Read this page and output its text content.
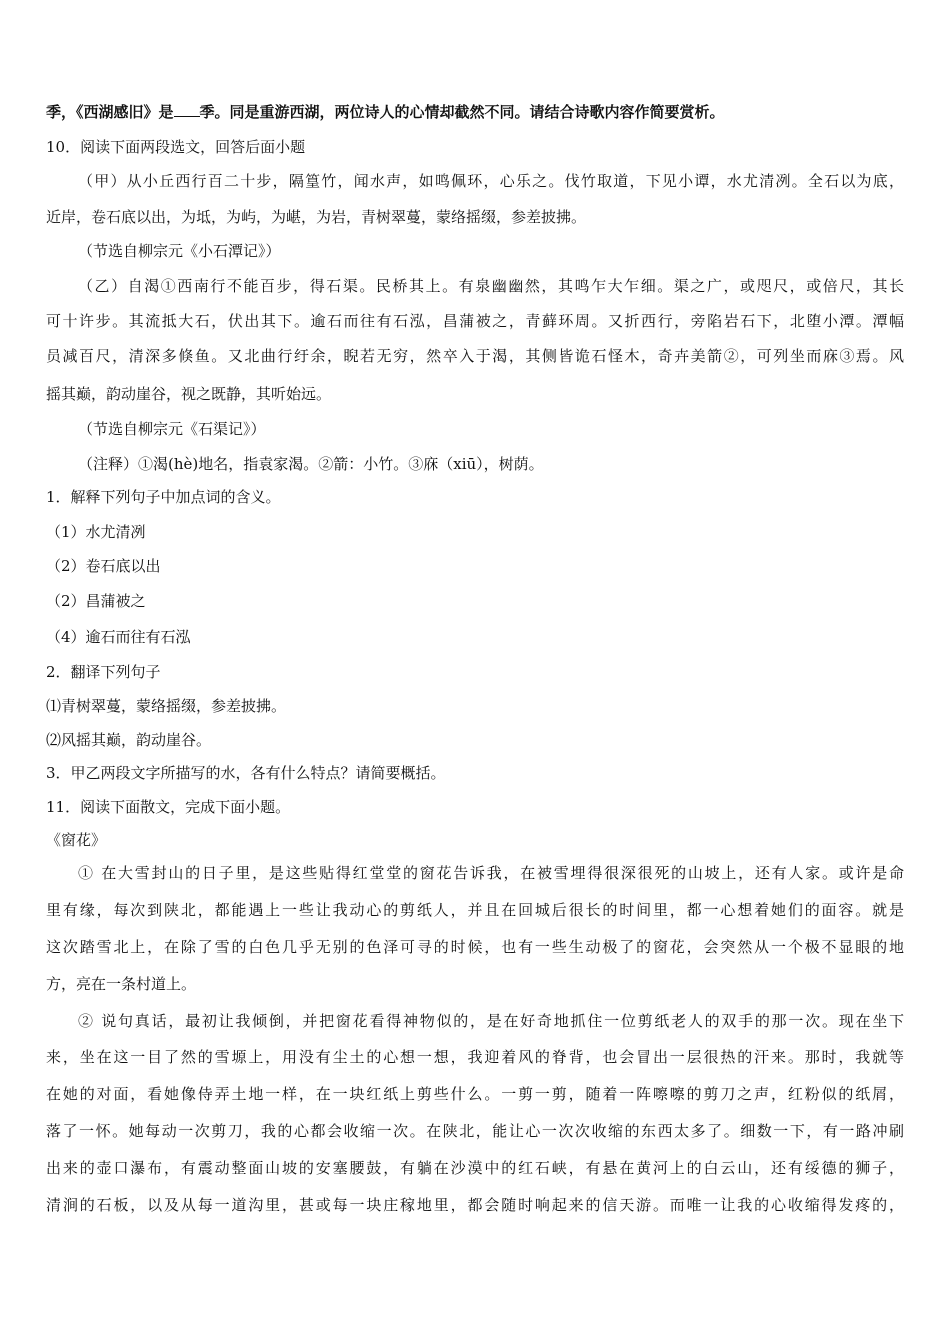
季，《西湖感旧》是 季。同是重游西湖，两位诗人的心情却截然不同。请结合诗歌内容作简要赏析。
10．阅读下面两段选文，回答后面小题
（甲）从小丘西行百二十步，隔篁竹，闻水声，如鸣佩环，心乐之。伐竹取道，下见小谭，水尤清冽。全石以为底，
近岸，卷石底以出，为坻，为屿，为嵁，为岩，青树翠蔓，蒙络摇缀，参差披拂。
（节选自柳宗元《小石潭记》）
（乙）自渴①西南行不能百步，得石渠。民桥其上。有泉幽幽然，其鸣乍大乍细。渠之广，或咫尺，或倍尺，其长
可十许步。其流抵大石，伏出其下。逾石而往有石泓，昌蒲被之，青藓环周。又折西行，旁陷岩石下，北堕小潭。潭幅
员减百尺，清深多倏鱼。又北曲行纡余，睨若无穷，然卒入于渴，其侧皆诡石怪木，奇卉美箭②，可列坐而庥③焉。风
摇其巅，韵动崖谷，视之既静，其听始远。
（节选自柳宗元《石渠记》）
（注释）①渴(hè)地名，指袁家渴。②箭：小竹。③庥（xiū），树荫。
1．解释下列句子中加点词的含义。
（1）水尤清冽
（2）卷石底以出
（2）昌蒲被之
（4）逾石而往有石泓
2．翻译下列句子
⑴青树翠蔓，蒙络摇缀，参差披拂。
⑵风摇其巅，韵动崖谷。
3．甲乙两段文字所描写的水，各有什么特点？请简要概括。
11．阅读下面散文，完成下面小题。
《窗花》
① 在大雪封山的日子里，是这些贴得红堂堂的窗花告诉我，在被雪埋得很深很死的山坡上，还有人家。或许是命
里有缘，每次到陕北，都能遇上一些让我动心的剪纸人，并且在回城后很长的时间里，都一心想着她们的面容。就是
这次踏雪北上，在除了雪的白色几乎无别的色泽可寻的时候，也有一些生动极了的窗花，会突然从一个极不显眼的地
方，亮在一条村道上。
② 说句真话，最初让我倾倒，并把窗花看得神物似的，是在好奇地抓住一位剪纸老人的双手的那一次。现在坐下
来，坐在这一目了然的雪塬上，用没有尘土的心想一想，我迎着风的脊背，也会冒出一层很热的汗来。那时，我就等
在她的对面，看她像侍弄土地一样，在一块红纸上剪些什么。一剪一剪，随着一阵嚓嚓的剪刀之声，红粉似的纸屑，
落了一怀。她每动一次剪刀，我的心都会收缩一次。在陕北，能让心一次次收缩的东西太多了。细数一下，有一路冲刷
出来的壶口瀑布，有震动整面山坡的安塞腰鼓，有躺在沙漠中的红石峡，有悬在黄河上的白云山，还有绥德的狮子，
清涧的石板，以及从每一道沟里，甚或每一块庄稼地里，都会随时响起来的信天游。而唯一让我的心收缩得发疼的，
